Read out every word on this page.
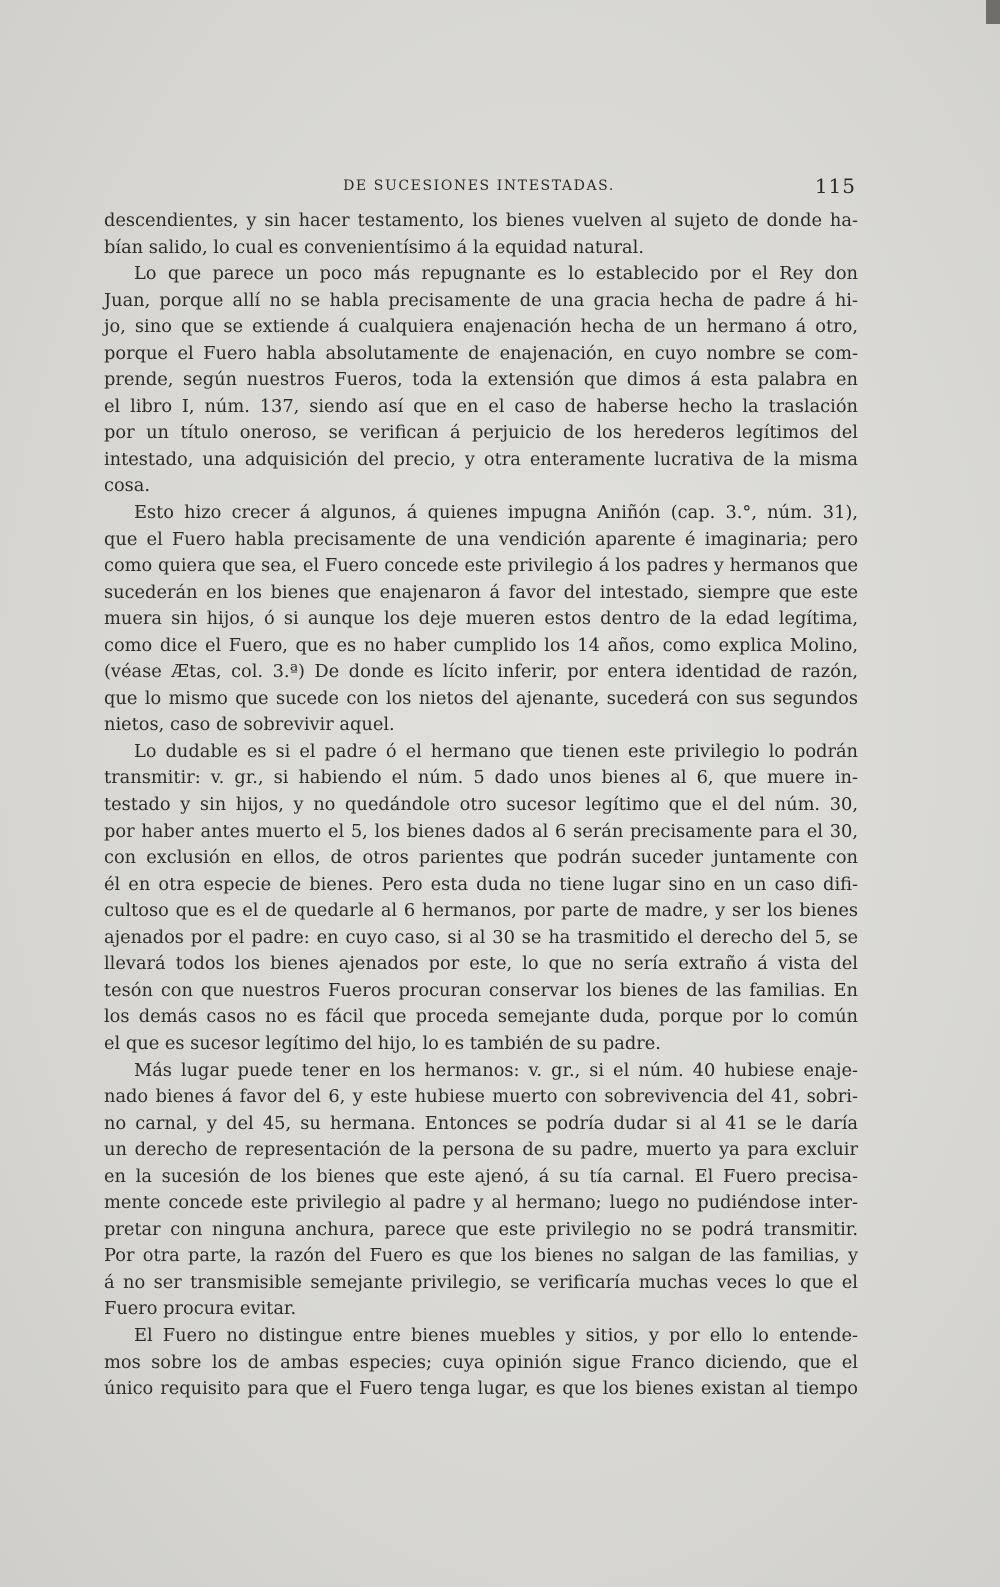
DE SUCESIONES INTESTADAS.	115
descendientes, y sin hacer testamento, los bienes vuelven al sujeto de donde ha-
bían salido, lo cual es convenientísimo á la equidad natural.
Lo que parece un poco más repugnante es lo establecido por el Rey don
Juan, porque allí no se habla precisamente de una gracia hecha de padre á hi-
jo, sino que se extiende á cualquiera enajenación hecha de un hermano á otro,
porque el Fuero habla absolutamente de enajenación, en cuyo nombre se com-
prende, según nuestros Fueros, toda la extensión que dimos á esta palabra en
el libro I, núm. 137, siendo así que en el caso de haberse hecho la traslación
por un título oneroso, se verifican á perjuicio de los herederos legítimos del
intestado, una adquisición del precio, y otra enteramente lucrativa de la misma
cosa.
Esto hizo crecer á algunos, á quienes impugna Aniñón (cap. 3.°, núm. 31),
que el Fuero habla precisamente de una vendición aparente é imaginaria; pero
como quiera que sea, el Fuero concede este privilegio á los padres y hermanos que
sucederán en los bienes que enajenaron á favor del intestado, siempre que este
muera sin hijos, ó si aunque los deje mueren estos dentro de la edad legítima,
como dice el Fuero, que es no haber cumplido los 14 años, como explica Molino,
(véase Ætas, col. 3.ª) De donde es lícito inferir, por entera identidad de razón,
que lo mismo que sucede con los nietos del ajenante, sucederá con sus segundos
nietos, caso de sobrevivir aquel.
Lo dudable es si el padre ó el hermano que tienen este privilegio lo podrán
transmitir: v. gr., si habiendo el núm. 5 dado unos bienes al 6, que muere in-
testado y sin hijos, y no quedándole otro sucesor legítimo que el del núm. 30,
por haber antes muerto el 5, los bienes dados al 6 serán precisamente para el 30,
con exclusión en ellos, de otros parientes que podrán suceder juntamente con
él en otra especie de bienes. Pero esta duda no tiene lugar sino en un caso difi-
cultoso que es el de quedarle al 6 hermanos, por parte de madre, y ser los bienes
ajenados por el padre: en cuyo caso, si al 30 se ha trasmitido el derecho del 5, se
llevará todos los bienes ajenados por este, lo que no sería extraño á vista del
tesón con que nuestros Fueros procuran conservar los bienes de las familias. En
los demás casos no es fácil que proceda semejante duda, porque por lo común
el que es sucesor legítimo del hijo, lo es también de su padre.
Más lugar puede tener en los hermanos: v. gr., si el núm. 40 hubiese enaje-
nado bienes á favor del 6, y este hubiese muerto con sobrevivencia del 41, sobri-
no carnal, y del 45, su hermana. Entonces se podría dudar si al 41 se le daría
un derecho de representación de la persona de su padre, muerto ya para excluir
en la sucesión de los bienes que este ajenó, á su tía carnal. El Fuero precisa-
mente concede este privilegio al padre y al hermano; luego no pudiéndose inter-
pretar con ninguna anchura, parece que este privilegio no se podrá transmitir.
Por otra parte, la razón del Fuero es que los bienes no salgan de las familias, y
á no ser transmisible semejante privilegio, se verificaría muchas veces lo que el
Fuero procura evitar.
El Fuero no distingue entre bienes muebles y sitios, y por ello lo entende-
mos sobre los de ambas especies; cuya opinión sigue Franco diciendo, que el
único requisito para que el Fuero tenga lugar, es que los bienes existan al tiempo
